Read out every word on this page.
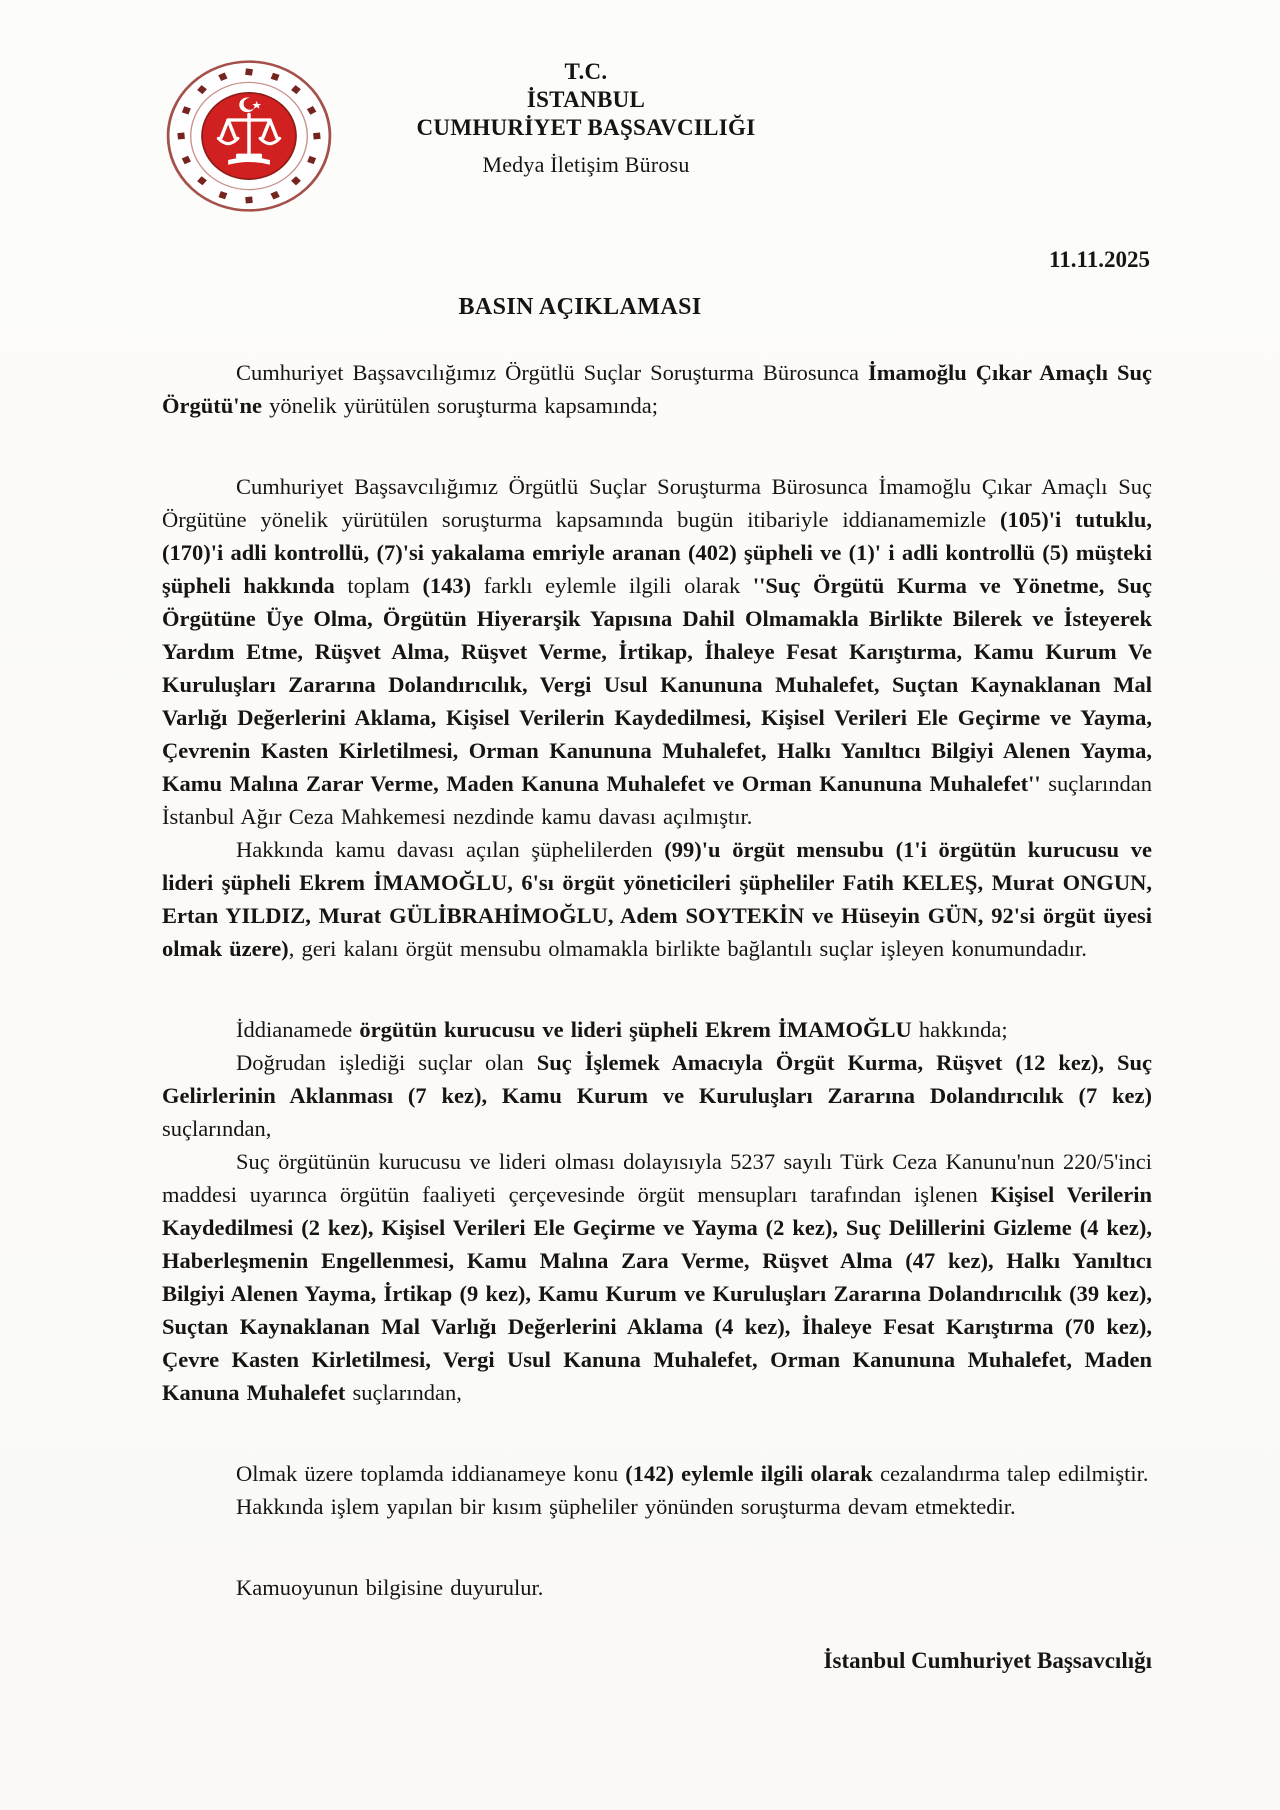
T.C.
İSTANBUL
CUMHURİYET BAŞSAVCILIĞI
Medya İletişim Bürosu
11.11.2025
BASIN AÇIKLAMASI

Cumhuriyet Başsavcılığımız Örgütlü Suçlar Soruşturma Bürosunca İmamoğlu Çıkar Amaçlı Suç Örgütü'ne yönelik yürütülen soruşturma kapsamında;

Cumhuriyet Başsavcılığımız Örgütlü Suçlar Soruşturma Bürosunca İmamoğlu Çıkar Amaçlı Suç Örgütüne yönelik yürütülen soruşturma kapsamında bugün itibariyle iddianamemizle (105)'i tutuklu, (170)'i adli kontrollü, (7)'si yakalama emriyle aranan (402) şüpheli ve (1)' i adli kontrollü (5) müşteki şüpheli hakkında toplam (143) farklı eylemle ilgili olarak ''Suç Örgütü Kurma ve Yönetme, Suç Örgütüne Üye Olma, Örgütün Hiyerarşik Yapısına Dahil Olmamakla Birlikte Bilerek ve İsteyerek Yardım Etme, Rüşvet Alma, Rüşvet Verme, İrtikap, İhaleye Fesat Karıştırma, Kamu Kurum Ve Kuruluşları Zararına Dolandırıcılık, Vergi Usul Kanununa Muhalefet, Suçtan Kaynaklanan Mal Varlığı Değerlerini Aklama, Kişisel Verilerin Kaydedilmesi, Kişisel Verileri Ele Geçirme ve Yayma, Çevrenin Kasten Kirletilmesi, Orman Kanununa Muhalefet, Halkı Yanıltıcı Bilgiyi Alenen Yayma, Kamu Malına Zarar Verme, Maden Kanuna Muhalefet ve Orman Kanununa Muhalefet'' suçlarından İstanbul Ağır Ceza Mahkemesi nezdinde kamu davası açılmıştır.

Hakkında kamu davası açılan şüphelilerden (99)'u örgüt mensubu (1'i örgütün kurucusu ve lideri şüpheli Ekrem İMAMOĞLU, 6'sı örgüt yöneticileri şüpheliler Fatih KELEŞ, Murat ONGUN, Ertan YILDIZ, Murat GÜLİBRAHİMOĞLU, Adem SOYTEKİN ve Hüseyin GÜN, 92'si örgüt üyesi olmak üzere), geri kalanı örgüt mensubu olmamakla birlikte bağlantılı suçlar işleyen konumundadır.

İddianamede örgütün kurucusu ve lideri şüpheli Ekrem İMAMOĞLU hakkında;

Doğrudan işlediği suçlar olan Suç İşlemek Amacıyla Örgüt Kurma, Rüşvet (12 kez), Suç Gelirlerinin Aklanması (7 kez), Kamu Kurum ve Kuruluşları Zararına Dolandırıcılık (7 kez) suçlarından,

Suç örgütünün kurucusu ve lideri olması dolayısıyla 5237 sayılı Türk Ceza Kanunu'nun 220/5'inci maddesi uyarınca örgütün faaliyeti çerçevesinde örgüt mensupları tarafından işlenen Kişisel Verilerin Kaydedilmesi (2 kez), Kişisel Verileri Ele Geçirme ve Yayma (2 kez), Suç Delillerini Gizleme (4 kez), Haberleşmenin Engellenmesi, Kamu Malına Zara Verme, Rüşvet Alma (47 kez), Halkı Yanıltıcı Bilgiyi Alenen Yayma, İrtikap (9 kez), Kamu Kurum ve Kuruluşları Zararına Dolandırıcılık (39 kez), Suçtan Kaynaklanan Mal Varlığı Değerlerini Aklama (4 kez), İhaleye Fesat Karıştırma (70 kez), Çevre Kasten Kirletilmesi, Vergi Usul Kanuna Muhalefet, Orman Kanununa Muhalefet, Maden Kanuna Muhalefet suçlarından,

Olmak üzere toplamda iddianameye konu (142) eylemle ilgili olarak cezalandırma talep edilmiştir.

Hakkında işlem yapılan bir kısım şüpheliler yönünden soruşturma devam etmektedir.

Kamuoyunun bilgisine duyurulur.

İstanbul Cumhuriyet Başsavcılığı
